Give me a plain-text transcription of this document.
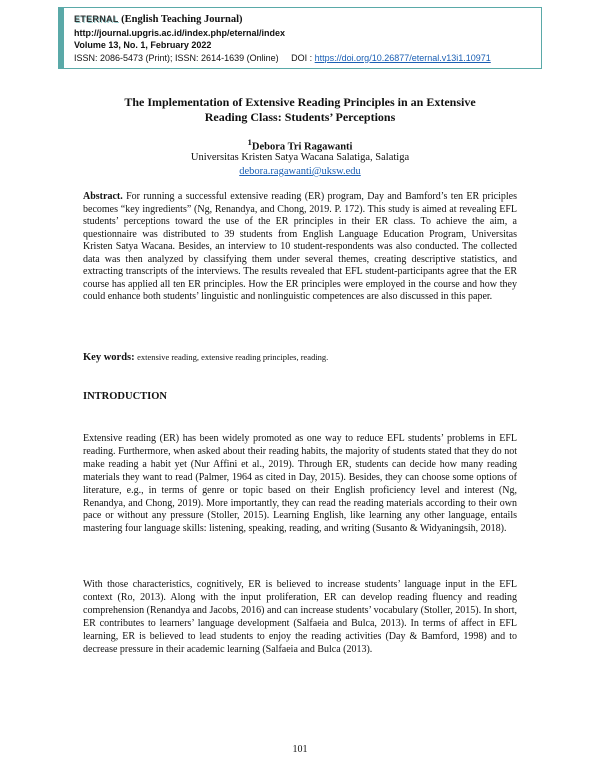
ETERNAL (English Teaching Journal)
http://journal.upgris.ac.id/index.php/eternal/index
Volume 13, No. 1, February 2022
ISSN: 2086-5473 (Print); ISSN: 2614-1639 (Online) DOI : https://doi.org/10.26877/eternal.v13i1.10971
The Implementation of Extensive Reading Principles in an Extensive
Reading Class: Students’ Perceptions
$^1$Debora Tri Ragawanti
Universitas Kristen Satya Wacana Salatiga, Salatiga
debora.ragawanti@uksw.edu
Abstract. For running a successful extensive reading (ER) program, Day and Bamford’s ten ER priciples becomes “key ingredients” (Ng, Renandya, and Chong, 2019. P. 172). This study is aimed at revealing EFL students’ perceptions toward the use of the ER principles in their ER class. To achieve the aim, a questionnaire was distributed to 39 students from English Language Education Program, Universitas Kristen Satya Wacana. Besides, an interview to 10 student-respondents was also conducted. The collected data was then analyzed by classifying them under several themes, creating descriptive statistics, and extracting transcripts of the interviews. The results revealed that EFL student-participants agree that the ER course has applied all ten ER principles. How the ER principles were employed in the course and how they could enhance both students’ linguistic and nonlinguistic competences are also discussed in this paper.
Key words: extensive reading, extensive reading principles, reading.
INTRODUCTION

Extensive reading (ER) has been widely promoted as one way to reduce EFL students’ problems in EFL reading. Furthermore, when asked about their reading habits, the majority of students stated that they do not make reading a habit yet (Nur Affini et al., 2019). Through ER, students can decide how many reading materials they want to read (Palmer, 1964 as cited in Day, 2015). Besides, they can choose some options of literature, e.g., in terms of genre or topic based on their English proficiency level and interest (Ng, Renandya, and Chong, 2019). More importantly, they can read the reading materials according to their own pace or without any pressure (Stoller, 2015). Learning English, like learning any other language, entails mastering four language skills: listening, speaking, reading, and writing (Susanto & Widyaningsih, 2018).

With those characteristics, cognitively, ER is believed to increase students’ language input in the EFL context (Ro, 2013). Along with the input proliferation, ER can develop reading fluency and reading comprehension (Renandya and Jacobs, 2016) and can increase students’ vocabulary (Stoller, 2015). In short, ER contributes to learners’ language development (Salfaeia and Bulca, 2013). In terms of affect in EFL learning, ER is believed to lead students to enjoy the reading activities (Day & Bamford, 1998) and to decrease pressure in their academic learning (Salfaeia and Bulca (2013).

101
